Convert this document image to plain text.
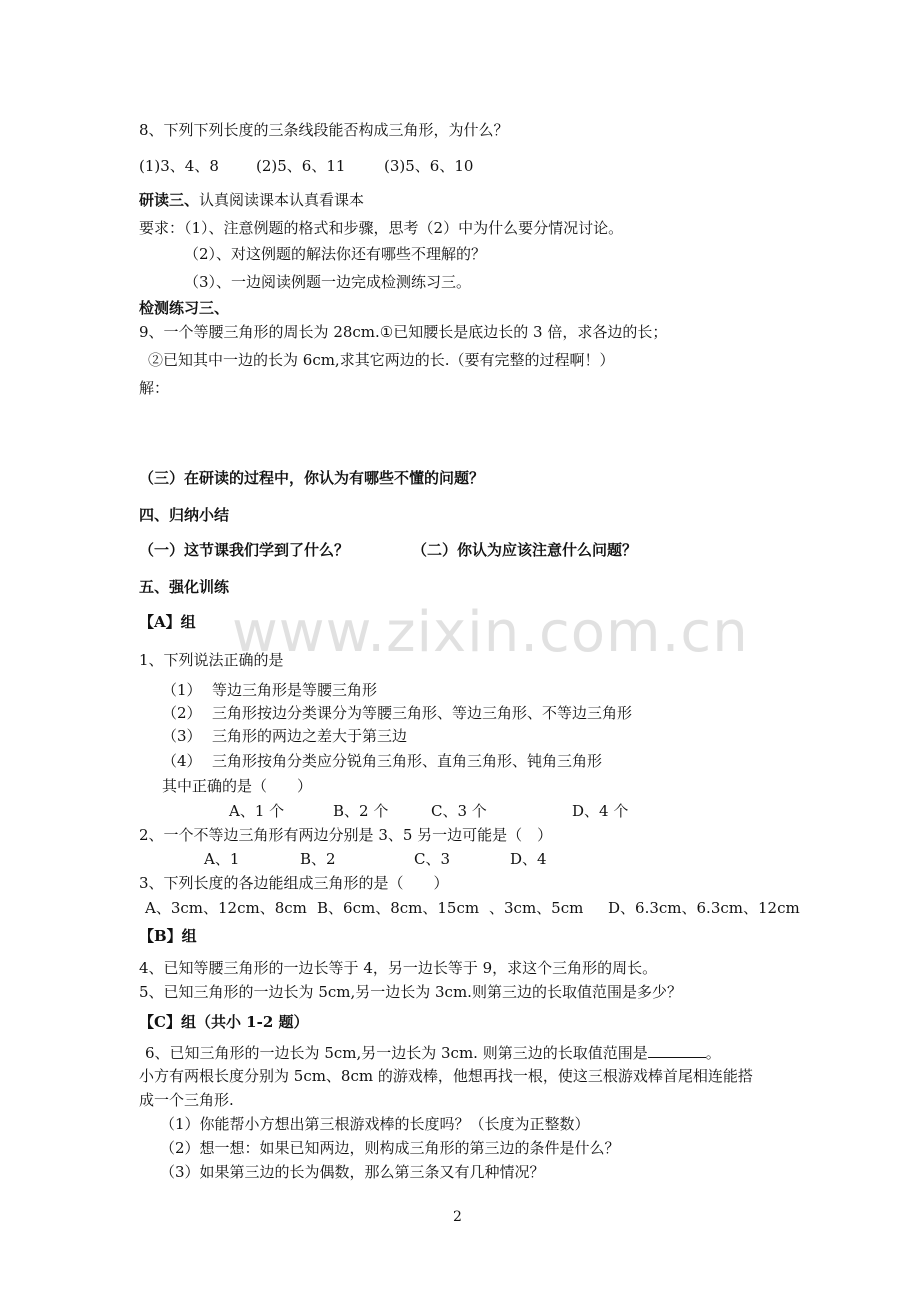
8、下列下列长度的三条线段能否构成三角形，为什么？
(1)3、4、8 (2)5、6、11	(3)5、6、10
研读三、认真阅读课本认真看课本
要求：（1）、注意例题的格式和步骤，思考（2）中为什么要分情况讨论。
（2）、对这例题的解法你还有哪些不理解的？
（3）、一边阅读例题一边完成检测练习三。
检测练习三、
9、一个等腰三角形的周长为 28cm.①已知腰长是底边长的 3 倍，求各边的长；
②已知其中一边的长为 6cm,求其它两边的长.（要有完整的过程啊！）
解：
（三）在研读的过程中，你认为有哪些不懂的问题？
四、归纳小结
（一）这节课我们学到了什么？	（二）你认为应该注意什么问题？
五、强化训练
【A】组
1、下列说法正确的是
（1） 等边三角形是等腰三角形
（2） 三角形按边分类课分为等腰三角形、等边三角形、不等边三角形
（3） 三角形的两边之差大于第三边
（4） 三角形按角分类应分锐角三角形、直角三角形、钝角三角形
其中正确的是（　　）
A、1 个	B、2 个	C、3 个	D、4 个
2、一个不等边三角形有两边分别是 3、5 另一边可能是（　）
A、1	B、2	C、3	D、4
3、下列长度的各边能组成三角形的是（　　）
A、3cm、12cm、8cm B、6cm、8cm、15cm 、3cm、5cm D、6.3cm、6.3cm、12cm
【B】组
4、已知等腰三角形的一边长等于 4，另一边长等于 9，求这个三角形的周长。
5、已知三角形的一边长为 5cm,另一边长为 3cm.则第三边的长取值范围是多少？
【C】组（共小 1-2 题）
6、已知三角形的一边长为 5cm,另一边长为 3cm. 则第三边的长取值范围是	。
小方有两根长度分别为 5cm、8cm 的游戏棒，他想再找一根，使这三根游戏棒首尾相连能搭
成一个三角形.
（1）你能帮小方想出第三根游戏棒的长度吗？（长度为正整数）
（2）想一想：如果已知两边，则构成三角形的第三边的条件是什么？
（3）如果第三边的长为偶数，那么第三条又有几种情况？
www.zixin.com.cn
2
